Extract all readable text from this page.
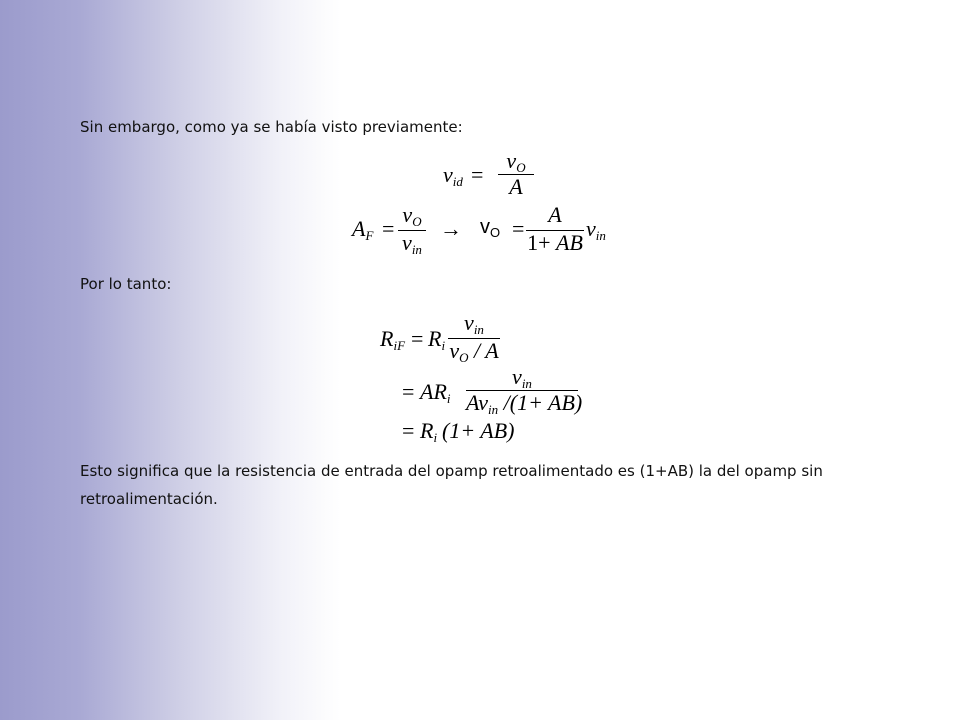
Sin embargo, como ya se había visto previamente:
$v_{id}$ =
$v_O$
A
$A_F$ =
$v_O$
$v_{in}$
→ $v_O$ =
A
1+ AB
$v_{in}$
Por lo tanto:
$R_{iF} = R_i$
$v_{in}$
$v_O$ / A
= $AR_i$
$v_{in}$
$Av_{in}$ /(1+ AB)
= $R_i$ (1+ AB)
Esto significa que la resistencia de entrada del opamp retroalimentado es (1+AB) la del opamp sin retroalimentación.
